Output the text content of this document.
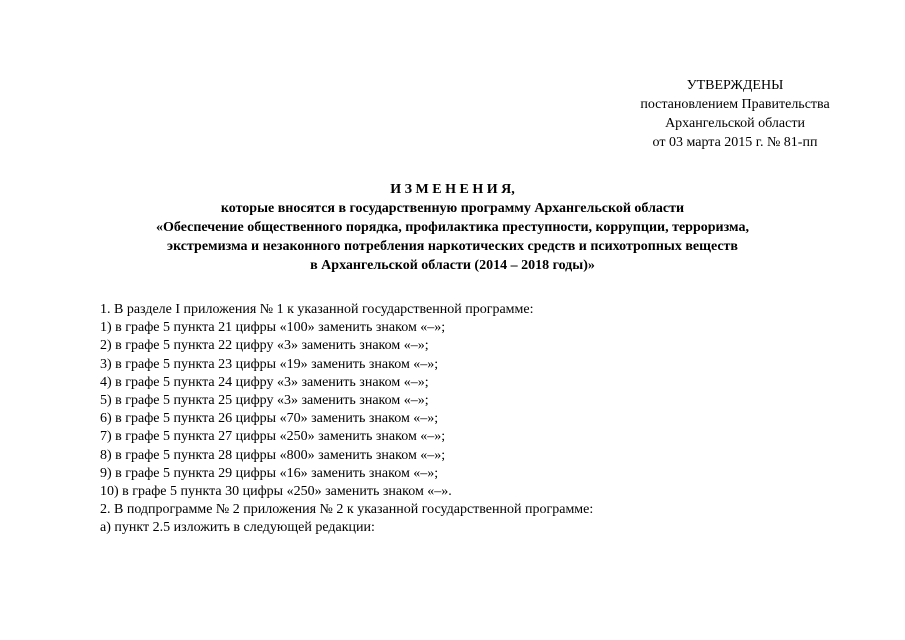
УТВЕРЖДЕНЫ
постановлением Правительства
Архангельской области
от 03 марта 2015 г. № 81-пп
И З М Е Н Е Н И Я,
которые вносятся в государственную программу Архангельской области
«Обеспечение общественного порядка, профилактика преступности, коррупции, терроризма,
экстремизма и незаконного потребления наркотических средств и психотропных веществ
в Архангельской области (2014 – 2018 годы)»
1. В разделе I приложения № 1 к указанной государственной программе:
1) в графе 5 пункта 21 цифры «100» заменить знаком «–»;
2) в графе 5 пункта 22 цифру «3» заменить знаком «–»;
3) в графе 5 пункта 23 цифры «19» заменить знаком «–»;
4) в графе 5 пункта 24 цифру «3» заменить знаком «–»;
5) в графе 5 пункта 25 цифру «3» заменить знаком «–»;
6) в графе 5 пункта 26 цифры «70» заменить знаком «–»;
7) в графе 5 пункта 27 цифры «250» заменить знаком «–»;
8) в графе 5 пункта 28 цифры «800» заменить знаком «–»;
9) в графе 5 пункта 29 цифры «16» заменить знаком «–»;
10) в графе 5 пункта 30 цифры «250» заменить знаком «–».
2. В подпрограмме № 2 приложения № 2 к указанной государственной программе:
а) пункт 2.5 изложить в следующей редакции:
